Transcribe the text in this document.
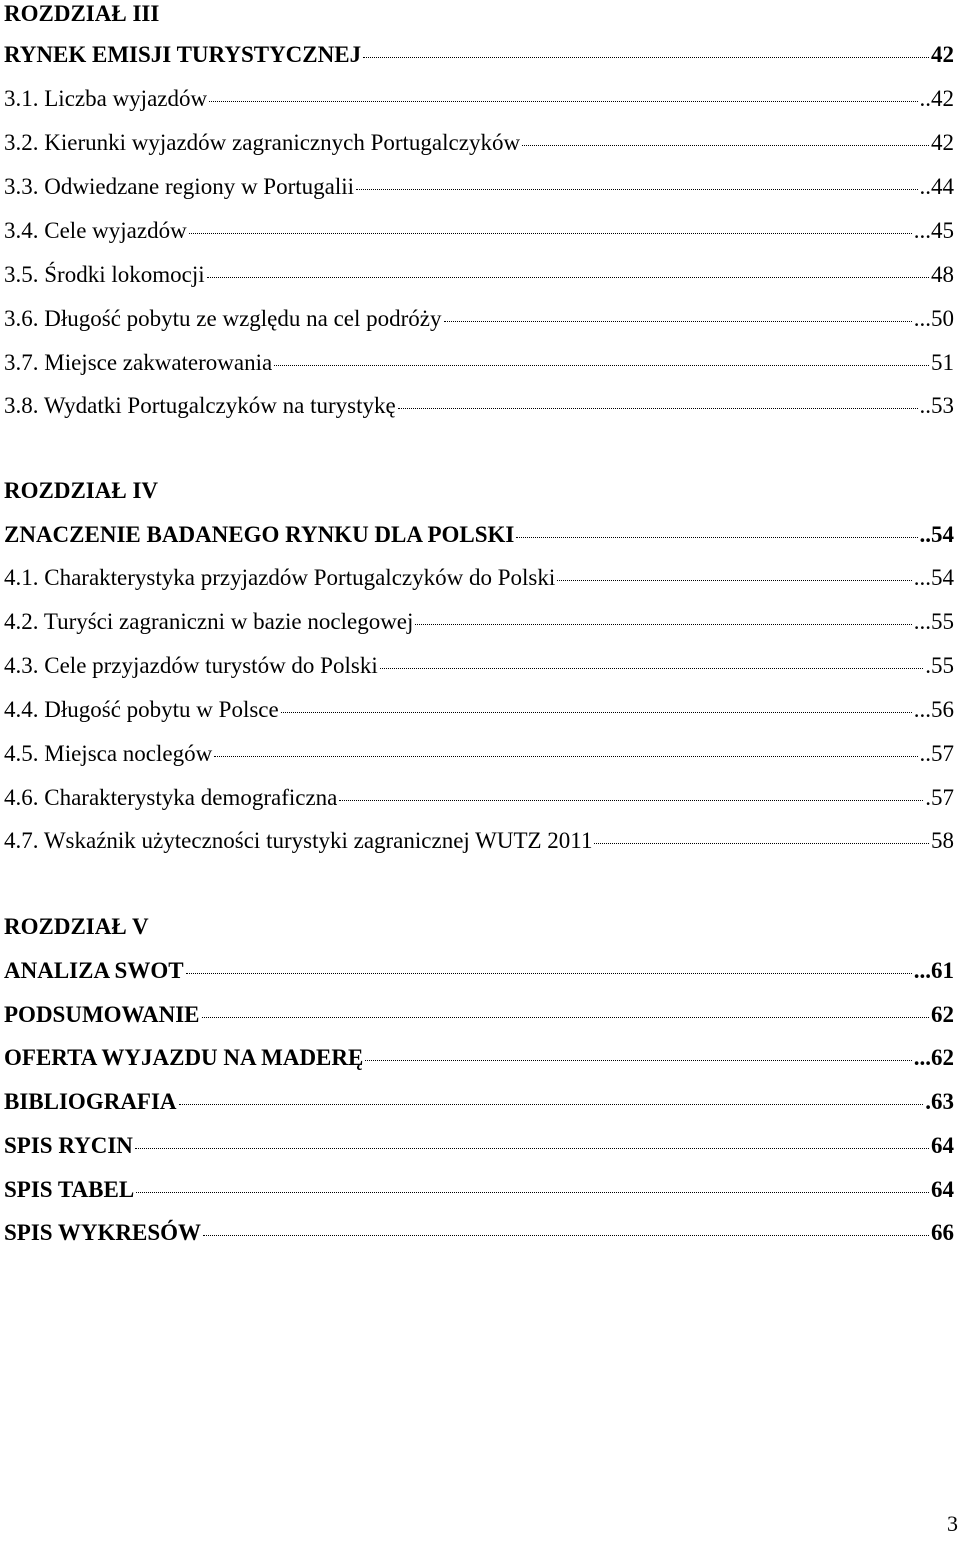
ROZDZIAŁ III
RYNEK EMISJI TURYSTYCZNEJ	42
3.1. Liczba wyjazdów	..42
3.2. Kierunki wyjazdów zagranicznych Portugalczyków	42
3.3. Odwiedzane regiony w Portugalii	..44
3.4. Cele wyjazdów	...45
3.5. Środki lokomocji	48
3.6. Długość pobytu ze względu na cel podróży	...50
3.7. Miejsce zakwaterowania	51
3.8. Wydatki Portugalczyków na turystykę	..53
ROZDZIAŁ IV
ZNACZENIE BADANEGO RYNKU DLA POLSKI	..54
4.1. Charakterystyka przyjazdów Portugalczyków do Polski	...54
4.2. Turyści zagraniczni w bazie noclegowej	...55
4.3. Cele przyjazdów turystów do Polski	.55
4.4. Długość pobytu w Polsce	...56
4.5. Miejsca noclegów	..57
4.6. Charakterystyka demograficzna	.57
4.7. Wskaźnik użyteczności turystyki zagranicznej WUTZ 2011	58
ROZDZIAŁ V
ANALIZA SWOT	...61
PODSUMOWANIE	62
OFERTA WYJAZDU NA MADERĘ	...62
BIBLIOGRAFIA	.63
SPIS RYCIN	64
SPIS TABEL	64
SPIS WYKRESÓW	66
3
